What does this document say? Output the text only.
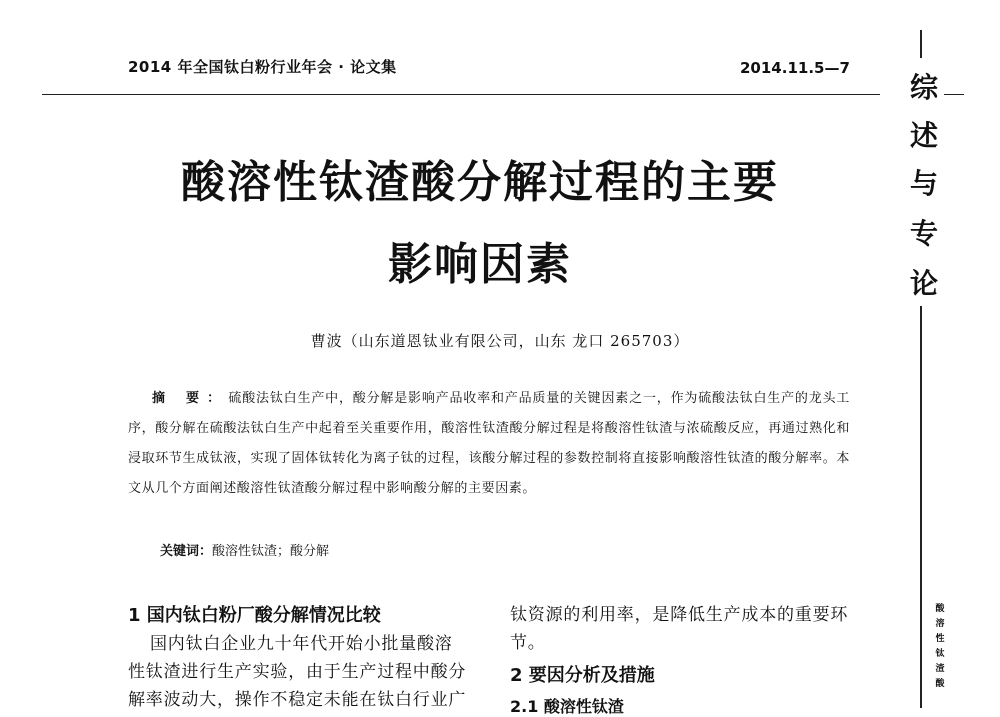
2014 年全国钛白粉行业年会 · 论文集	2014.11.5—7
综
述
与
专
论
酸
溶
性
钛
渣
酸
酸溶性钛渣酸分解过程的主要
影响因素
曹波（山东道恩钛业有限公司，山东 龙口 265703）
摘 要：硫酸法钛白生产中，酸分解是影响产品收率和产品质量的关键因素之一，作为硫酸法钛白生产的龙头工序，酸分解在硫酸法钛白生产中起着至关重要作用，酸溶性钛渣酸分解过程是将酸溶性钛渣与浓硫酸反应，再通过熟化和浸取环节生成钛液，实现了固体钛转化为离子钛的过程，该酸分解过程的参数控制将直接影响酸溶性钛渣的酸分解率。本文从几个方面阐述酸溶性钛渣酸分解过程中影响酸分解的主要因素。
关键词：酸溶性钛渣；酸分解
1 国内钛白粉厂酸分解情况比较
国内钛白企业九十年代开始小批量酸溶
性钛渣进行生产实验，由于生产过程中酸分
解率波动大，操作不稳定未能在钛白行业广
钛资源的利用率，是降低生产成本的重要环
节。
2 要因分析及措施
2.1 酸溶性钛渣
